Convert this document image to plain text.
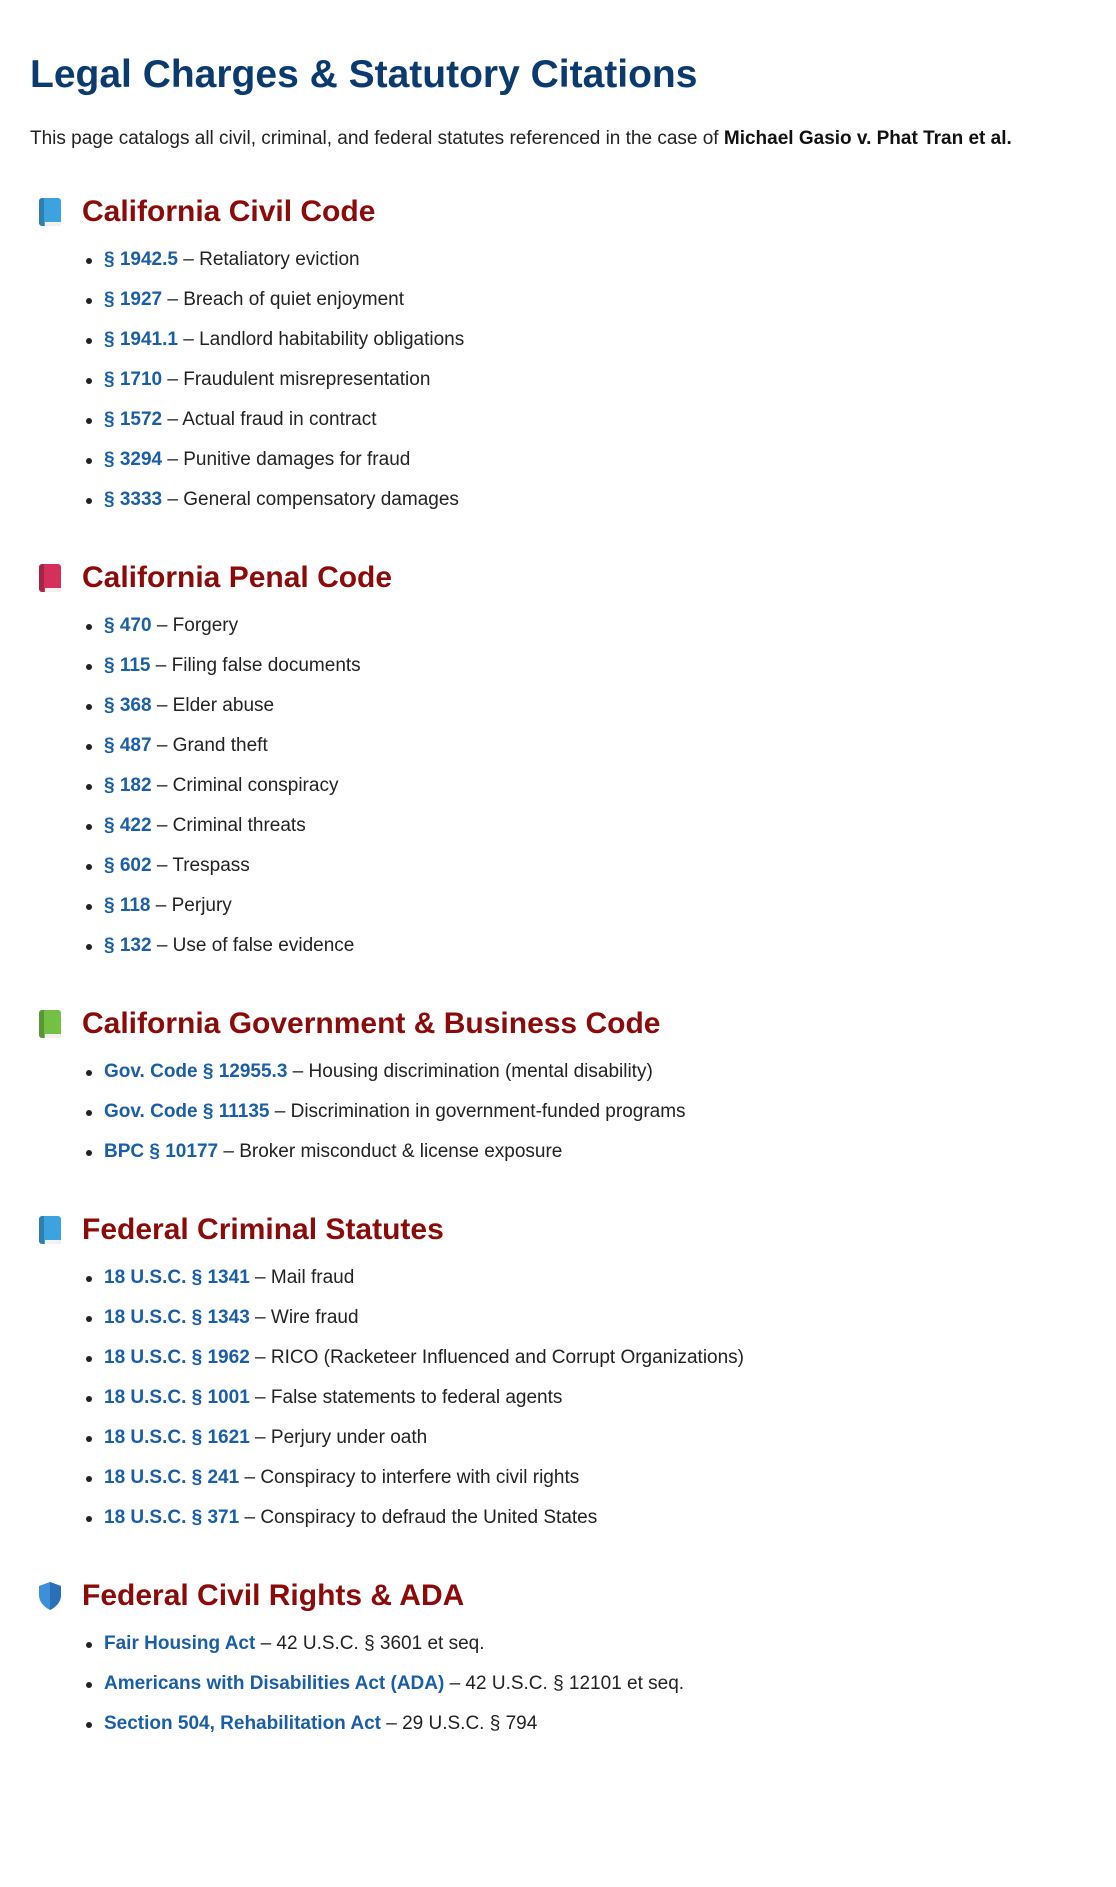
Legal Charges & Statutory Citations

This page catalogs all civil, criminal, and federal statutes referenced in the case of Michael Gasio v. Phat Tran et al.

California Civil Code
§ 1942.5 – Retaliatory eviction
§ 1927 – Breach of quiet enjoyment
§ 1941.1 – Landlord habitability obligations
§ 1710 – Fraudulent misrepresentation
§ 1572 – Actual fraud in contract
§ 3294 – Punitive damages for fraud
§ 3333 – General compensatory damages
California Penal Code
§ 470 – Forgery
§ 115 – Filing false documents
§ 368 – Elder abuse
§ 487 – Grand theft
§ 182 – Criminal conspiracy
§ 422 – Criminal threats
§ 602 – Trespass
§ 118 – Perjury
§ 132 – Use of false evidence
California Government & Business Code
Gov. Code § 12955.3 – Housing discrimination (mental disability)
Gov. Code § 11135 – Discrimination in government-funded programs
BPC § 10177 – Broker misconduct & license exposure
Federal Criminal Statutes
18 U.S.C. § 1341 – Mail fraud
18 U.S.C. § 1343 – Wire fraud
18 U.S.C. § 1962 – RICO (Racketeer Influenced and Corrupt Organizations)
18 U.S.C. § 1001 – False statements to federal agents
18 U.S.C. § 1621 – Perjury under oath
18 U.S.C. § 241 – Conspiracy to interfere with civil rights
18 U.S.C. § 371 – Conspiracy to defraud the United States
Federal Civil Rights & ADA
Fair Housing Act – 42 U.S.C. § 3601 et seq.
Americans with Disabilities Act (ADA) – 42 U.S.C. § 12101 et seq.
Section 504, Rehabilitation Act – 29 U.S.C. § 794
